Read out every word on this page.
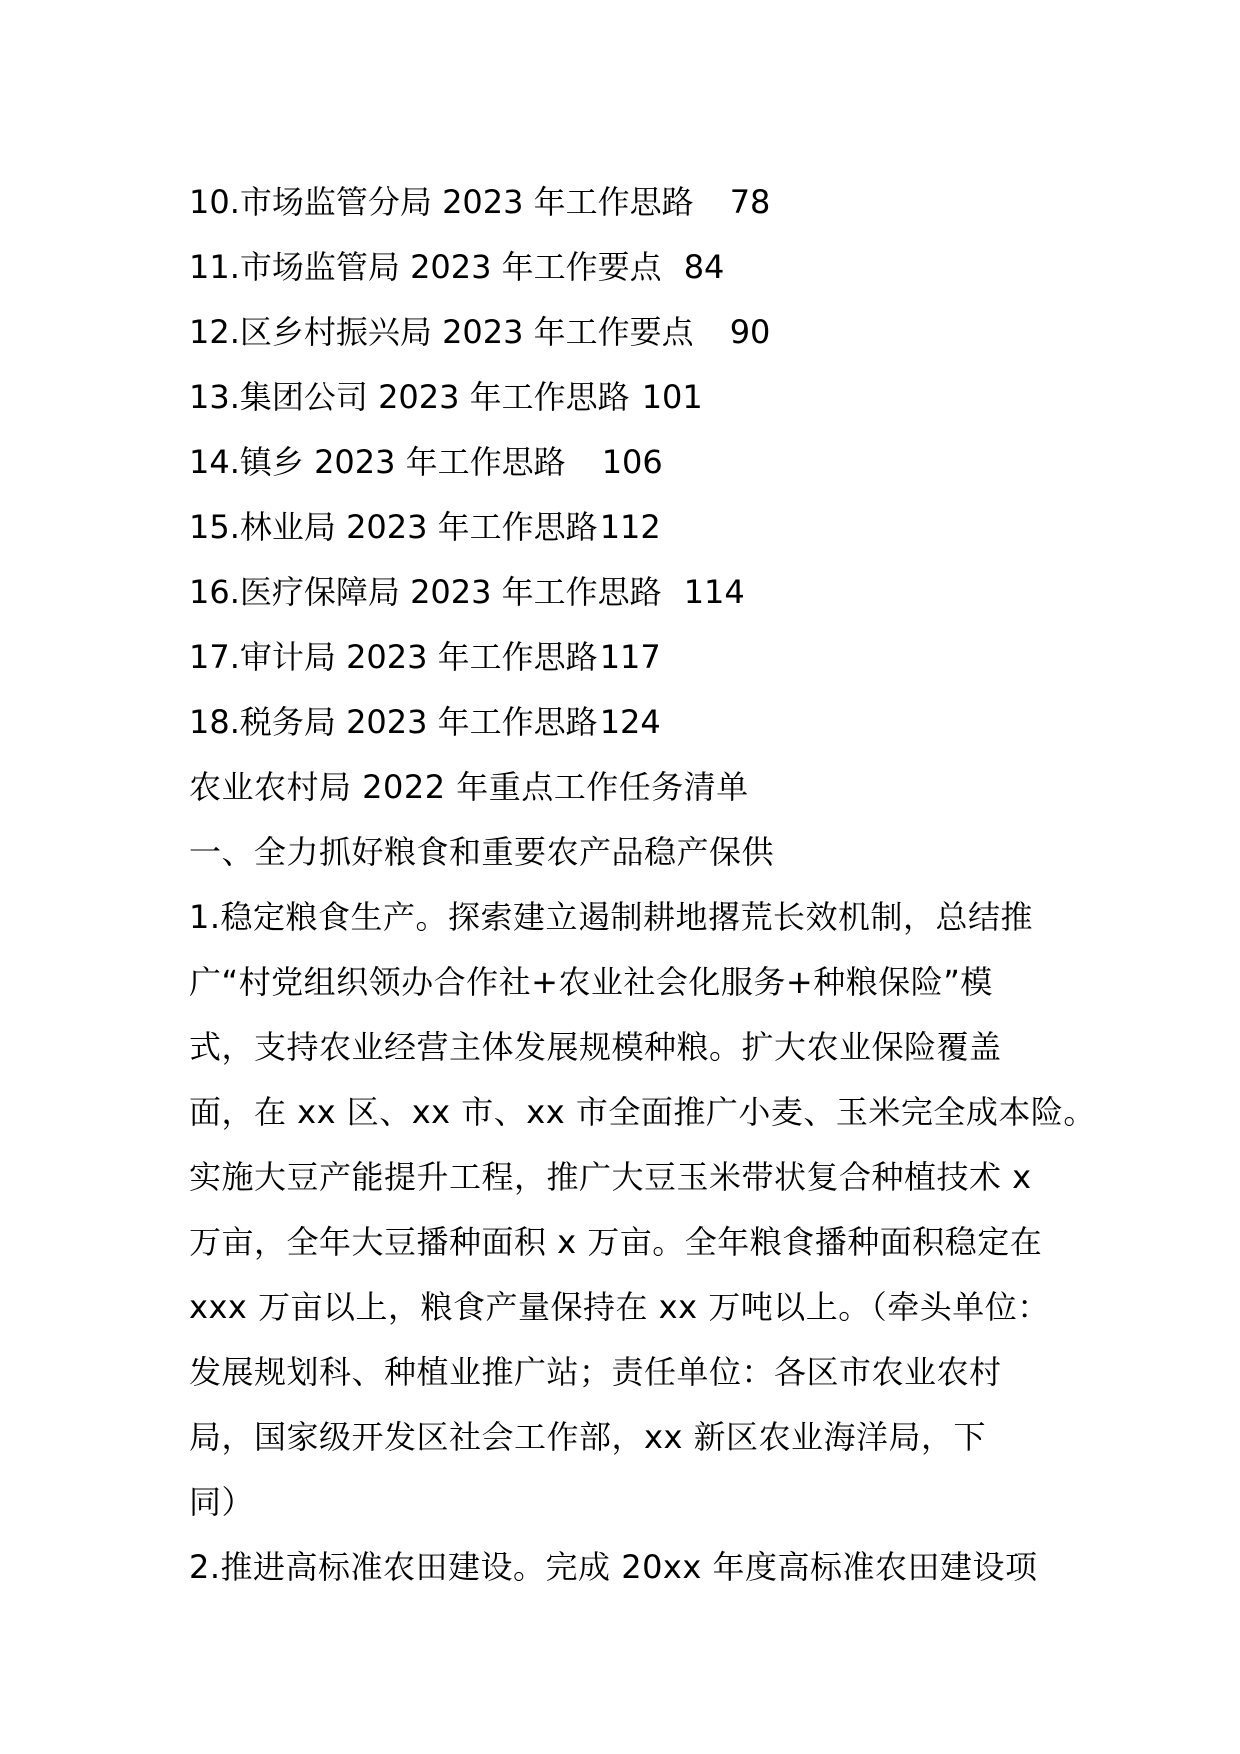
10.市场监管分局 2023 年工作思路 78
11.市场监管局 2023 年工作要点 84
12.区乡村振兴局 2023 年工作要点 90
13.集团公司 2023 年工作思路 101
14.镇乡 2023 年工作思路 106
15.林业局 2023 年工作思路112
16.医疗保障局 2023 年工作思路 114
17.审计局 2023 年工作思路117
18.税务局 2023 年工作思路124
农业农村局 2022 年重点工作任务清单
一、全力抓好粮食和重要农产品稳产保供
1.稳定粮食生产。探索建立遏制耕地撂荒长效机制，总结推
广“村党组织领办合作社+农业社会化服务+种粮保险”模
式，支持农业经营主体发展规模种粮。扩大农业保险覆盖
面，在 xx 区、xx 市、xx 市全面推广小麦、玉米完全成本险。
实施大豆产能提升工程，推广大豆玉米带状复合种植技术 x
万亩，全年大豆播种面积 x 万亩。全年粮食播种面积稳定在
xxx 万亩以上，粮食产量保持在 xx 万吨以上。（牵头单位：
发展规划科、种植业推广站；责任单位：各区市农业农村
局，国家级开发区社会工作部，xx 新区农业海洋局，下
同）
2.推进高标准农田建设。完成 20xx 年度高标准农田建设项
